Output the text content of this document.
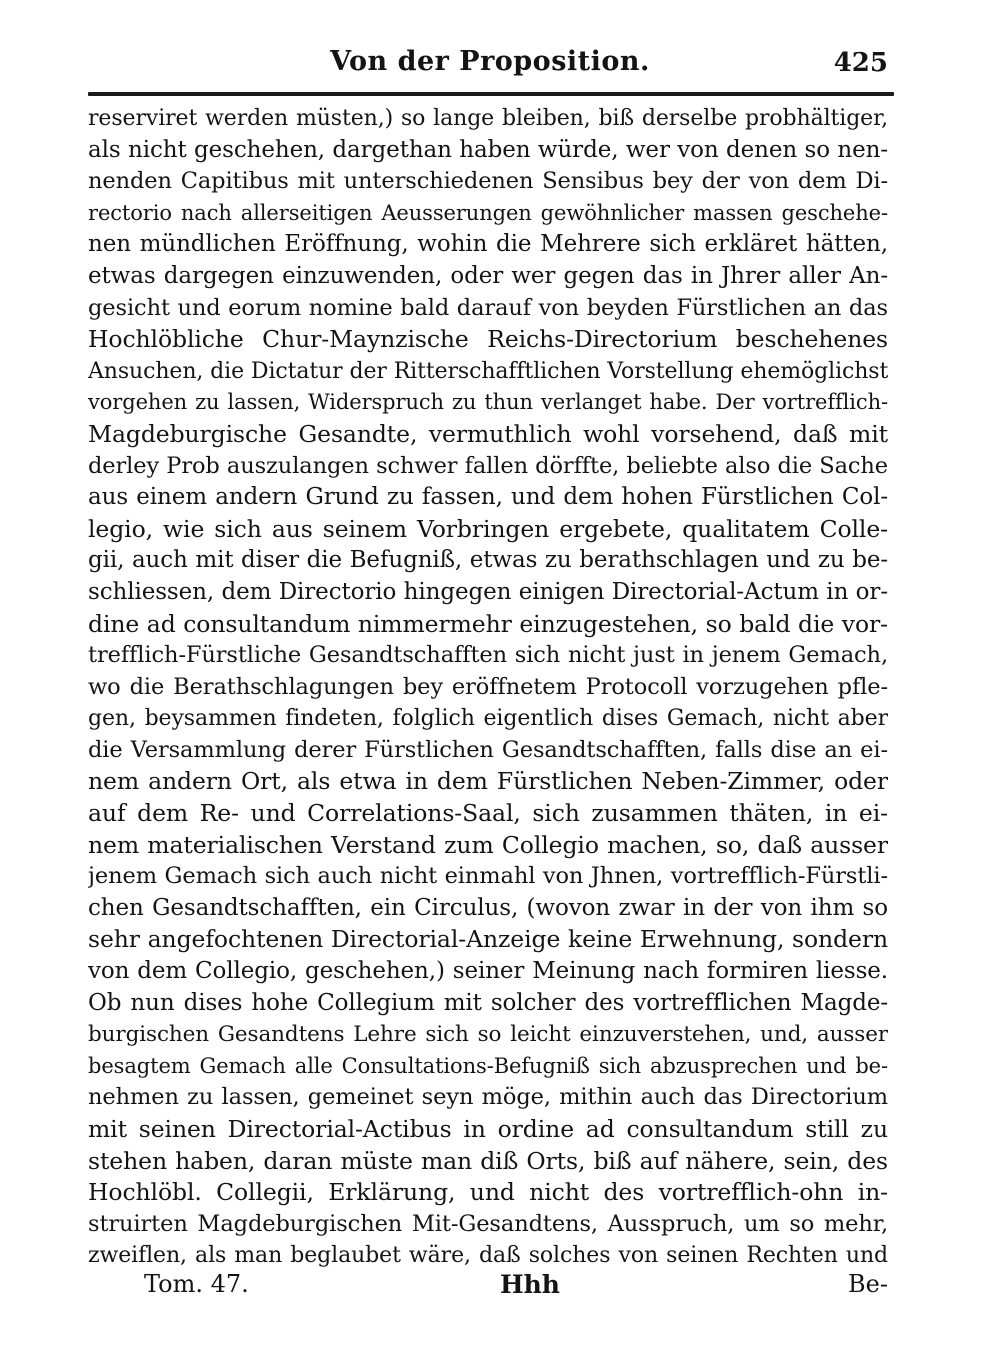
Von der Proposition.	425
reserviret werden müsten,) so lange bleiben, biß derselbe probhältiger,
als nicht geschehen, dargethan haben würde, wer von denen so nen-
nenden Capitibus mit unterschiedenen Sensibus bey der von dem Di-
rectorio nach allerseitigen Aeusserungen gewöhnlicher massen geschehe-
nen mündlichen Eröffnung, wohin die Mehrere sich erkläret hätten,
etwas dargegen einzuwenden, oder wer gegen das in Jhrer aller An-
gesicht und eorum nomine bald darauf von beyden Fürstlichen an das
Hochlöbliche Chur-Maynzische Reichs-Directorium beschehenes
Ansuchen, die Dictatur der Ritterschafftlichen Vorstellung ehemöglichst
vorgehen zu lassen, Widerspruch zu thun verlanget habe. Der vortrefflich-
Magdeburgische Gesandte, vermuthlich wohl vorsehend, daß mit
derley Prob auszulangen schwer fallen dörffte, beliebte also die Sache
aus einem andern Grund zu fassen, und dem hohen Fürstlichen Col-
legio, wie sich aus seinem Vorbringen ergebete, qualitatem Colle-
gii, auch mit diser die Befugniß, etwas zu berathschlagen und zu be-
schliessen, dem Directorio hingegen einigen Directorial-Actum in or-
dine ad consultandum nimmermehr einzugestehen, so bald die vor-
trefflich-Fürstliche Gesandtschafften sich nicht just in jenem Gemach,
wo die Berathschlagungen bey eröffnetem Protocoll vorzugehen pfle-
gen, beysammen findeten, folglich eigentlich dises Gemach, nicht aber
die Versammlung derer Fürstlichen Gesandtschafften, falls dise an ei-
nem andern Ort, als etwa in dem Fürstlichen Neben-Zimmer, oder
auf dem Re- und Correlations-Saal, sich zusammen thäten, in ei-
nem materialischen Verstand zum Collegio machen, so, daß ausser
jenem Gemach sich auch nicht einmahl von Jhnen, vortrefflich-Fürstli-
chen Gesandtschafften, ein Circulus, (wovon zwar in der von ihm so
sehr angefochtenen Directorial-Anzeige keine Erwehnung, sondern
von dem Collegio, geschehen,) seiner Meinung nach formiren liesse.
Ob nun dises hohe Collegium mit solcher des vortrefflichen Magde-
burgischen Gesandtens Lehre sich so leicht einzuverstehen, und, ausser
besagtem Gemach alle Consultations-Befugniß sich abzusprechen und be-
nehmen zu lassen, gemeinet seyn möge, mithin auch das Directorium
mit seinen Directorial-Actibus in ordine ad consultandum still zu
stehen haben, daran müste man diß Orts, biß auf nähere, sein, des
Hochlöbl. Collegii, Erklärung, und nicht des vortrefflich-ohn in-
struirten Magdeburgischen Mit-Gesandtens, Ausspruch, um so mehr,
zweiflen, als man beglaubet wäre, daß solches von seinen Rechten und
Tom. 47.	Hhh	Be-
